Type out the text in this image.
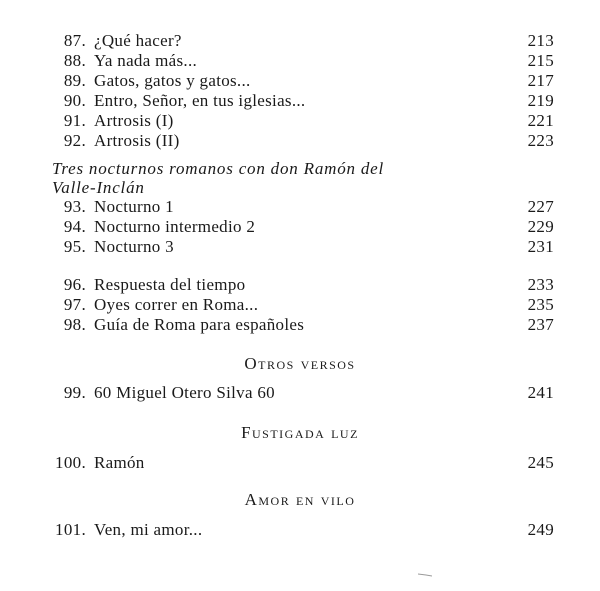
87. ¿Qué hacer?	213
88. Ya nada más...	215
89. Gatos, gatos y gatos...	217
90. Entro, Señor, en tus iglesias...	219
91. Artrosis (I)	221
92. Artrosis (II)	223
Tres nocturnos romanos con don Ramón del
Valle-Inclán
93. Nocturno 1	227
94. Nocturno intermedio 2	229
95. Nocturno 3	231
96. Respuesta del tiempo	233
97. Oyes correr en Roma...	235
98. Guía de Roma para españoles	237
Otros versos
99. 60 Miguel Otero Silva 60	241
Fustigada luz
100. Ramón	245
Amor en vilo
101. Ven, mi amor...	249
